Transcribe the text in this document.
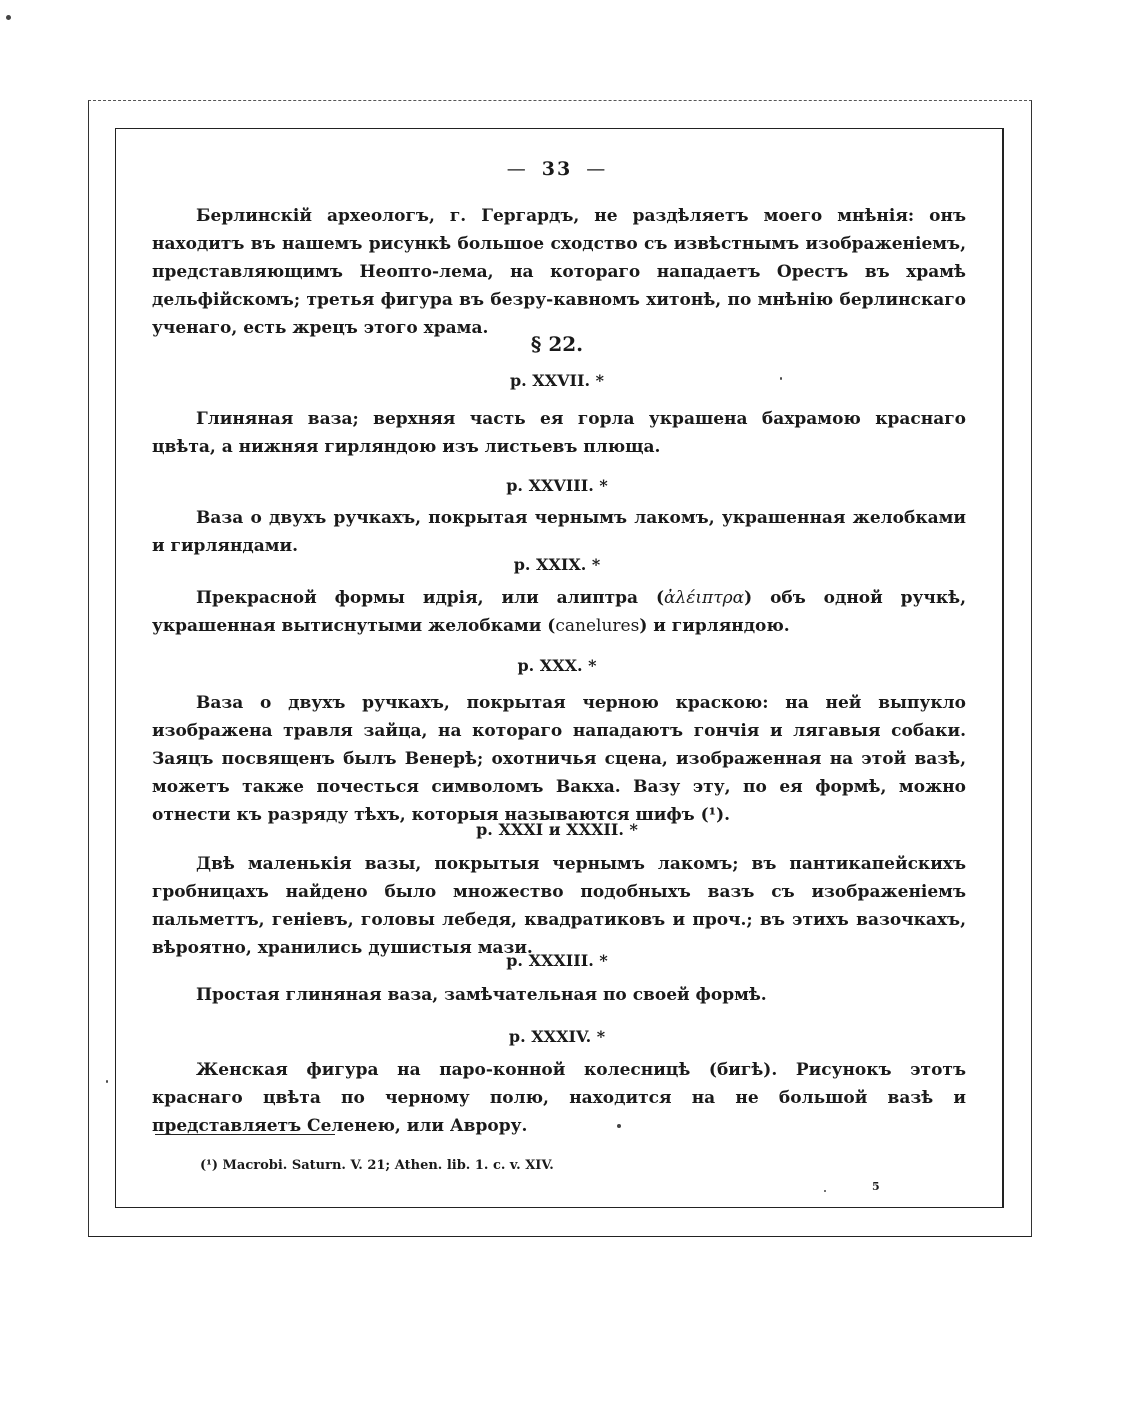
— 33 —
Берлинскій археологъ, г. Гергардъ, не раздѣляетъ моего мнѣнія: онъ находитъ въ нашемъ рисункѣ большое сходство съ извѣстнымъ изображеніемъ, представляющимъ Неопто-лема, на котораго нападаетъ Орестъ въ храмѣ дельфійскомъ; третья фигура въ безру-кавномъ хитонѣ, по мнѣнію берлинскаго ученаго, есть жрецъ этого храма.
§ 22.
р. XXVII. *
Глиняная ваза; верхняя часть ея горла украшена бахрамою краснаго цвѣта, а нижняя гирляндою изъ листьевъ плюща.
р. XXVIII. *
Ваза о двухъ ручкахъ, покрытая чернымъ лакомъ, украшенная желобками и гирляндами.
р. XXIX. *
Прекрасной формы идрія, или алиптра (ἀλέιπτρα) объ одной ручкѣ, украшенная вытиснутыми желобками (canelures) и гирляндою.
р. XXX. *
Ваза о двухъ ручкахъ, покрытая черною краскою: на ней выпукло изображена травля зайца, на котораго нападаютъ гончія и лягавыя собаки. Заяцъ посвященъ былъ Венерѣ; охотничья сцена, изображенная на этой вазѣ, можетъ также почесться символомъ Вакха. Вазу эту, по ея формѣ, можно отнести къ разряду тѣхъ, которыя называются шифъ (¹).
р. XXXI и XXXII. *
Двѣ маленькія вазы, покрытыя чернымъ лакомъ; въ пантикапейскихъ гробницахъ найдено было множество подобныхъ вазъ съ изображеніемъ пальметтъ, геніевъ, головы лебедя, квадратиковъ и проч.; въ этихъ вазочкахъ, вѣроятно, хранились душистыя мази.
р. XXXIII. *
Простая глиняная ваза, замѣчательная по своей формѣ.
р. XXXIV. *
Женская фигура на паро-конной колесницѣ (бигѣ). Рисунокъ этотъ краснаго цвѣта по черному полю, находится на не большой вазѣ и представляетъ Селенею, или Аврору.
(¹) Macrobi. Saturn. V. 21; Athen. lib. 1. c. v. XIV.
5
